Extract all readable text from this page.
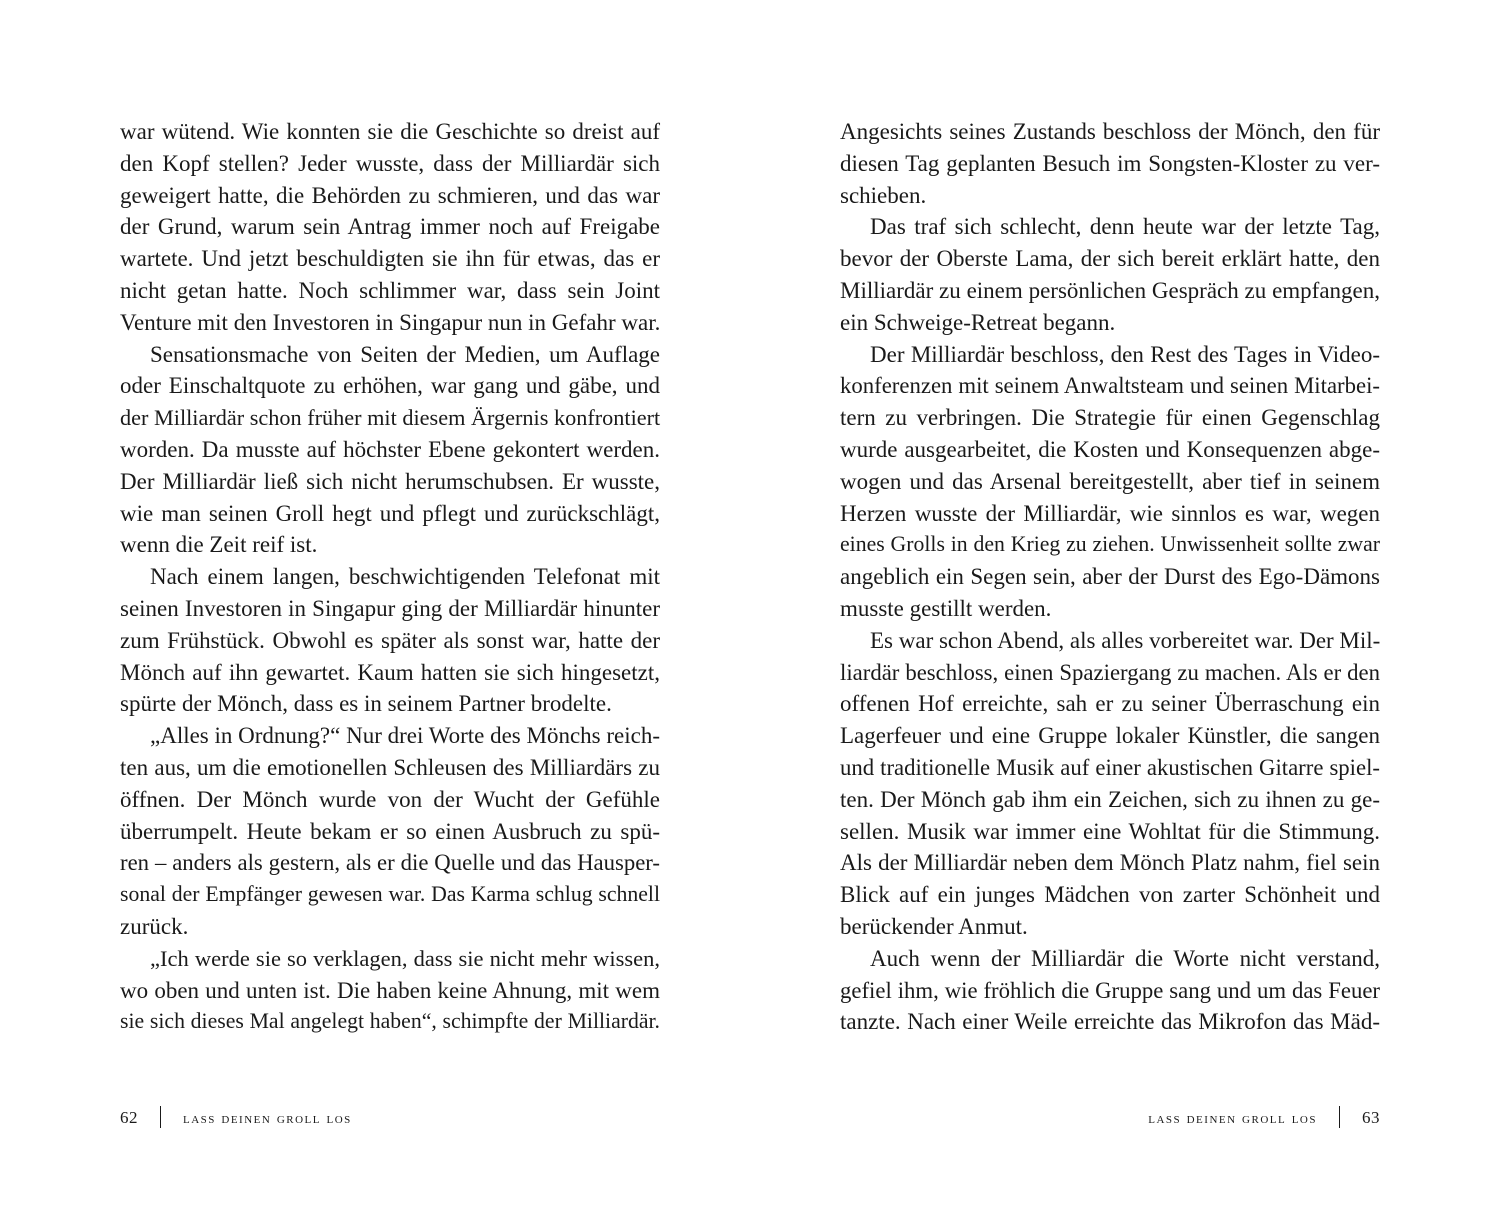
war wütend. Wie konnten sie die Geschichte so dreist auf
den Kopf stellen? Jeder wusste, dass der Milliardär sich
geweigert hatte, die Behörden zu schmieren, und das war
der Grund, warum sein Antrag immer noch auf Freigabe
wartete. Und jetzt beschuldigten sie ihn für etwas, das er
nicht getan hatte. Noch schlimmer war, dass sein Joint
Venture mit den Investoren in Singapur nun in Gefahr war.
Sensationsmache von Seiten der Medien, um Auflage
oder Einschaltquote zu erhöhen, war gang und gäbe, und
der Milliardär schon früher mit diesem Ärgernis konfrontiert
worden. Da musste auf höchster Ebene gekontert werden.
Der Milliardär ließ sich nicht herumschubsen. Er wusste,
wie man seinen Groll hegt und pflegt und zurückschlägt,
wenn die Zeit reif ist.
Nach einem langen, beschwichtigenden Telefonat mit
seinen Investoren in Singapur ging der Milliardär hinunter
zum Frühstück. Obwohl es später als sonst war, hatte der
Mönch auf ihn gewartet. Kaum hatten sie sich hingesetzt,
spürte der Mönch, dass es in seinem Partner brodelte.
„Alles in Ordnung?“ Nur drei Worte des Mönchs reich-
ten aus, um die emotionellen Schleusen des Milliardärs zu
öffnen. Der Mönch wurde von der Wucht der Gefühle
überrumpelt. Heute bekam er so einen Ausbruch zu spü-
ren – anders als gestern, als er die Quelle und das Hausper-
sonal der Empfänger gewesen war. Das Karma schlug schnell
zurück.
„Ich werde sie so verklagen, dass sie nicht mehr wissen,
wo oben und unten ist. Die haben keine Ahnung, mit wem
sie sich dieses Mal angelegt haben“, schimpfte der Milliardär.
62	lass deinen groll los
Angesichts seines Zustands beschloss der Mönch, den für
diesen Tag geplanten Besuch im Songsten-Kloster zu ver-
schieben.
Das traf sich schlecht, denn heute war der letzte Tag,
bevor der Oberste Lama, der sich bereit erklärt hatte, den
Milliardär zu einem persönlichen Gespräch zu empfangen,
ein Schweige-Retreat begann.
Der Milliardär beschloss, den Rest des Tages in Video-
konferenzen mit seinem Anwaltsteam und seinen Mitarbei-
tern zu verbringen. Die Strategie für einen Gegenschlag
wurde ausgearbeitet, die Kosten und Konsequenzen abge-
wogen und das Arsenal bereitgestellt, aber tief in seinem
Herzen wusste der Milliardär, wie sinnlos es war, wegen
eines Grolls in den Krieg zu ziehen. Unwissenheit sollte zwar
angeblich ein Segen sein, aber der Durst des Ego-Dämons
musste gestillt werden.
Es war schon Abend, als alles vorbereitet war. Der Mil-
liardär beschloss, einen Spaziergang zu machen. Als er den
offenen Hof erreichte, sah er zu seiner Überraschung ein
Lagerfeuer und eine Gruppe lokaler Künstler, die sangen
und traditionelle Musik auf einer akustischen Gitarre spiel-
ten. Der Mönch gab ihm ein Zeichen, sich zu ihnen zu ge-
sellen. Musik war immer eine Wohltat für die Stimmung.
Als der Milliardär neben dem Mönch Platz nahm, fiel sein
Blick auf ein junges Mädchen von zarter Schönheit und
berückender Anmut.
Auch wenn der Milliardär die Worte nicht verstand,
gefiel ihm, wie fröhlich die Gruppe sang und um das Feuer
tanzte. Nach einer Weile erreichte das Mikrofon das Mäd-
lass deinen groll los	63
